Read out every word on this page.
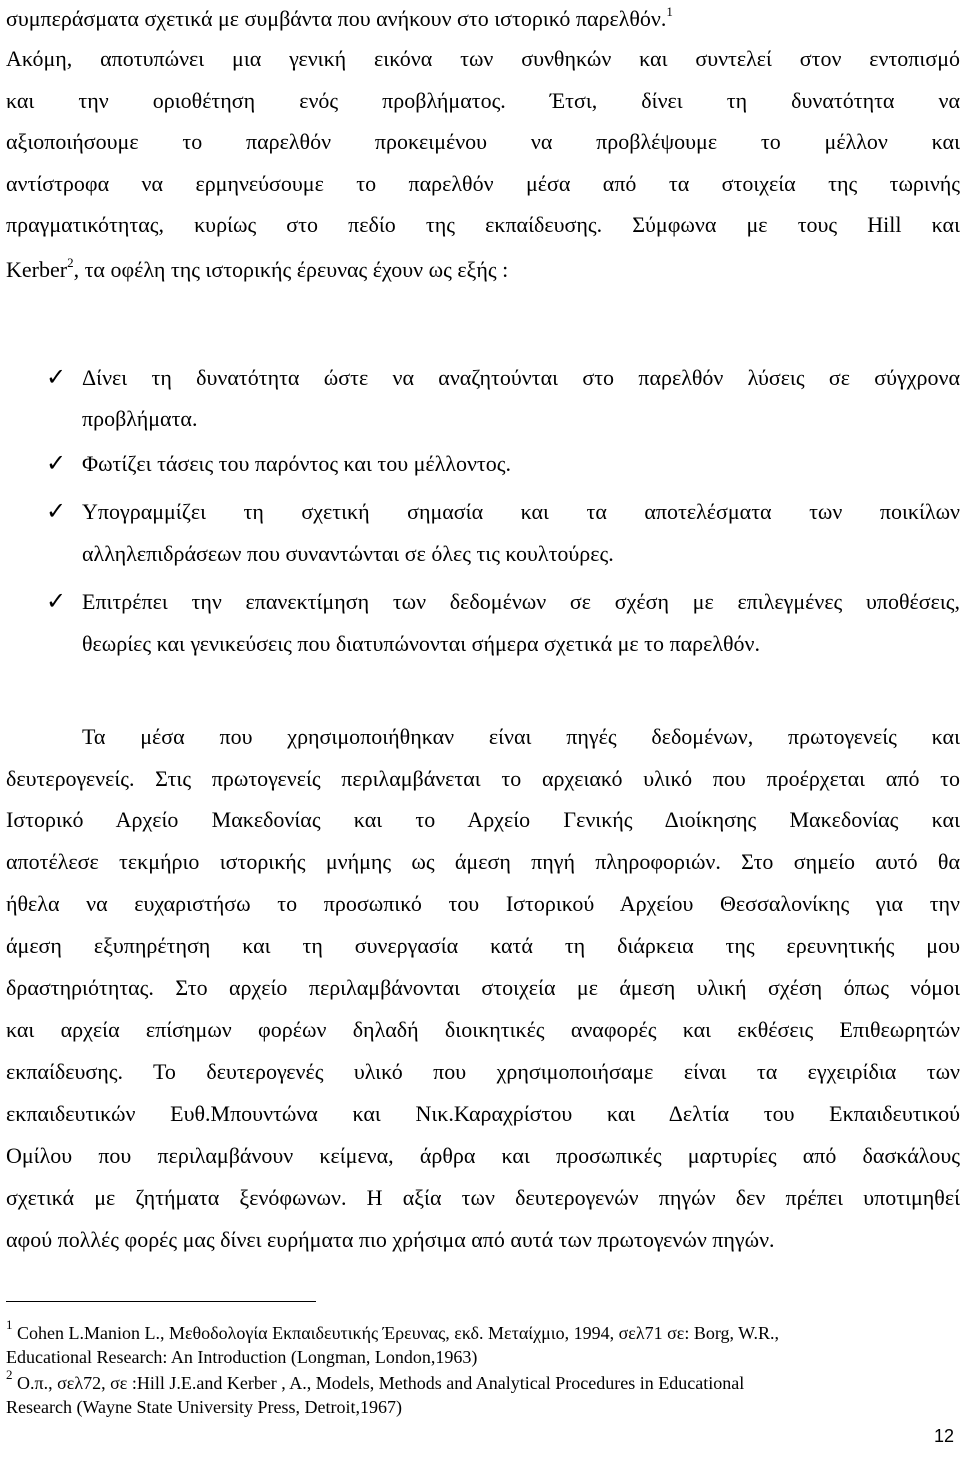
συμπεράσματα σχετικά με συμβάντα που ανήκουν στο ιστορικό παρελθόν.$^1$
Ακόμη, αποτυπώνει μια γενική εικόνα των συνθηκών και συντελεί στον εντοπισμό
και την οριοθέτηση ενός προβλήματος. Έτσι, δίνει τη δυνατότητα να
αξιοποιήσουμε το παρελθόν προκειμένου να προβλέψουμε το μέλλον και
αντίστροφα να ερμηνεύσουμε το παρελθόν μέσα από τα στοιχεία της τωρινής
πραγματικότητας, κυρίως στο πεδίο της εκπαίδευσης. Σύμφωνα με τους Hill και
Kerber$^2$, τα οφέλη της ιστορικής έρευνας έχουν ως εξής :
✓ Δίνει τη δυνατότητα ώστε να αναζητούνται στο παρελθόν λύσεις σε σύγχρονα
προβλήματα.
✓ Φωτίζει τάσεις του παρόντος και του μέλλοντος.
✓ Υπογραμμίζει τη σχετική σημασία και τα αποτελέσματα των ποικίλων
αλληλεπιδράσεων που συναντώνται σε όλες τις κουλτούρες.
✓ Επιτρέπει την επανεκτίμηση των δεδομένων σε σχέση με επιλεγμένες υποθέσεις,
θεωρίες και γενικεύσεις που διατυπώνονται σήμερα σχετικά με το παρελθόν.
Τα μέσα που χρησιμοποιήθηκαν είναι πηγές δεδομένων, πρωτογενείς και
δευτερογενείς. Στις πρωτογενείς περιλαμβάνεται το αρχειακό υλικό που προέρχεται από το
Ιστορικό Αρχείο Μακεδονίας και το Αρχείο Γενικής Διοίκησης Μακεδονίας και
αποτέλεσε τεκμήριο ιστορικής μνήμης ως άμεση πηγή πληροφοριών. Στο σημείο αυτό θα
ήθελα να ευχαριστήσω το προσωπικό του Ιστορικού Αρχείου Θεσσαλονίκης για την
άμεση εξυπηρέτηση και τη συνεργασία κατά τη διάρκεια της ερευνητικής μου
δραστηριότητας. Στο αρχείο περιλαμβάνονται στοιχεία με άμεση υλική σχέση όπως νόμοι
και αρχεία επίσημων φορέων δηλαδή διοικητικές αναφορές και εκθέσεις Επιθεωρητών
εκπαίδευσης. Το δευτερογενές υλικό που χρησιμοποιήσαμε είναι τα εγχειρίδια των
εκπαιδευτικών Ευθ.Μπουντώνα και Νικ.Καραχρίστου και Δελτία του Εκπαιδευτικού
Ομίλου που περιλαμβάνουν κείμενα, άρθρα και προσωπικές μαρτυρίες από δασκάλους
σχετικά με ζητήματα ξενόφωνων. Η αξία των δευτερογενών πηγών δεν πρέπει υποτιμηθεί
αφού πολλές φορές μας δίνει ευρήματα πιο χρήσιμα από αυτά των πρωτογενών πηγών.
$^1$ Cohen L.Manion L., Μεθοδολογία Εκπαιδευτικής Έρευνας, εκδ. Μεταίχμιο, 1994, σελ71 σε: Borg, W.R.,
Educational Research: An Introduction (Longman, London,1963)
$^2$ Ο.π., σελ72, σε :Hill J.E.and Kerber , A., Models, Methods and Analytical Procedures in Educational
Research (Wayne State University Press, Detroit,1967)
12
